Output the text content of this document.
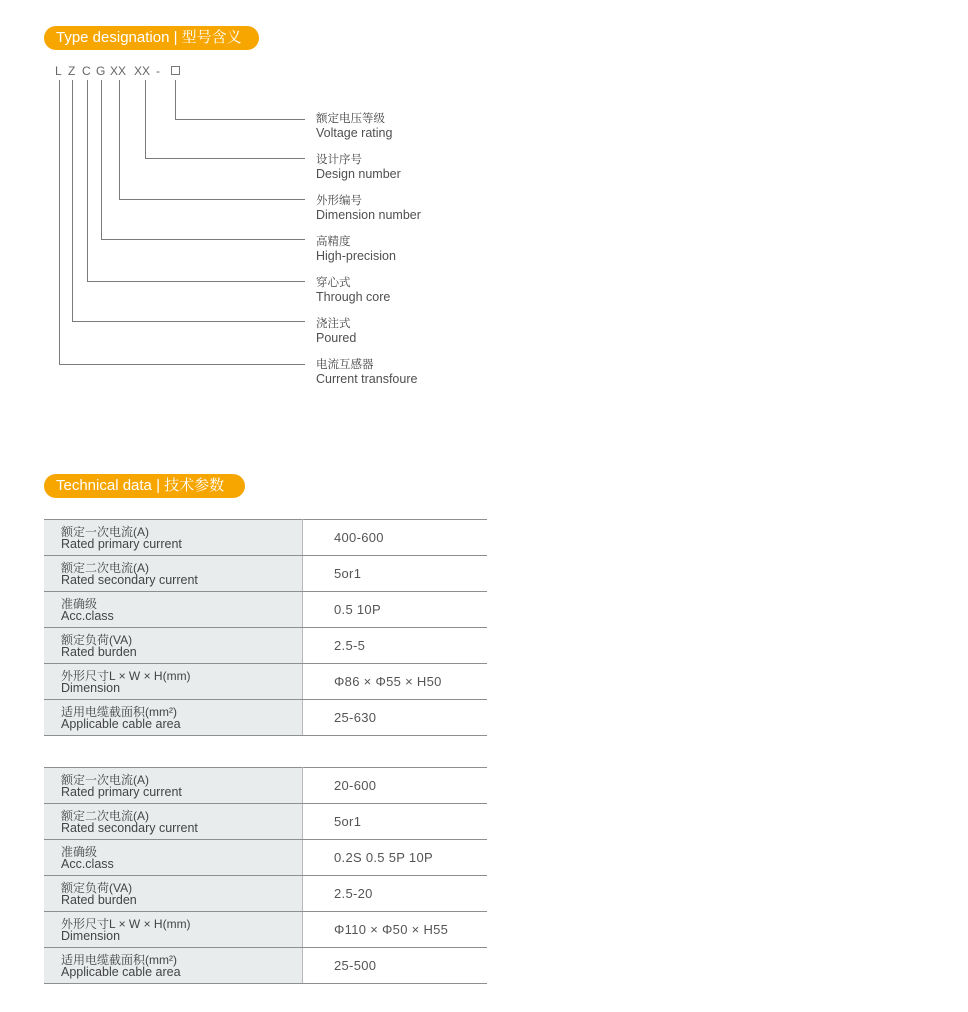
Type designation | 型号含义
L Z C G XX XX -
额定电压等级
Voltage rating
设计序号
Design number
外形编号
Dimension number
高精度
High-precision
穿心式
Through core
浇注式
Poured
电流互感器
Current transfoure
Technical data | 技术参数
额定一次电流(A)
Rated primary current	400-600
额定二次电流(A)
Rated secondary current	5or1
准确级
Acc.class	0.5 10P
额定负荷(VA)
Rated burden	2.5-5
外形尺寸L × W × H(mm)
Dimension	Φ86 × Φ55 × H50
适用电缆截面积(mm²)
Applicable cable area	25-630
额定一次电流(A)
Rated primary current	20-600
额定二次电流(A)
Rated secondary current	5or1
准确级
Acc.class	0.2S 0.5 5P 10P
额定负荷(VA)
Rated burden	2.5-20
外形尺寸L × W × H(mm)
Dimension	Φ110 × Φ50 × H55
适用电缆截面积(mm²)
Applicable cable area	25-500
